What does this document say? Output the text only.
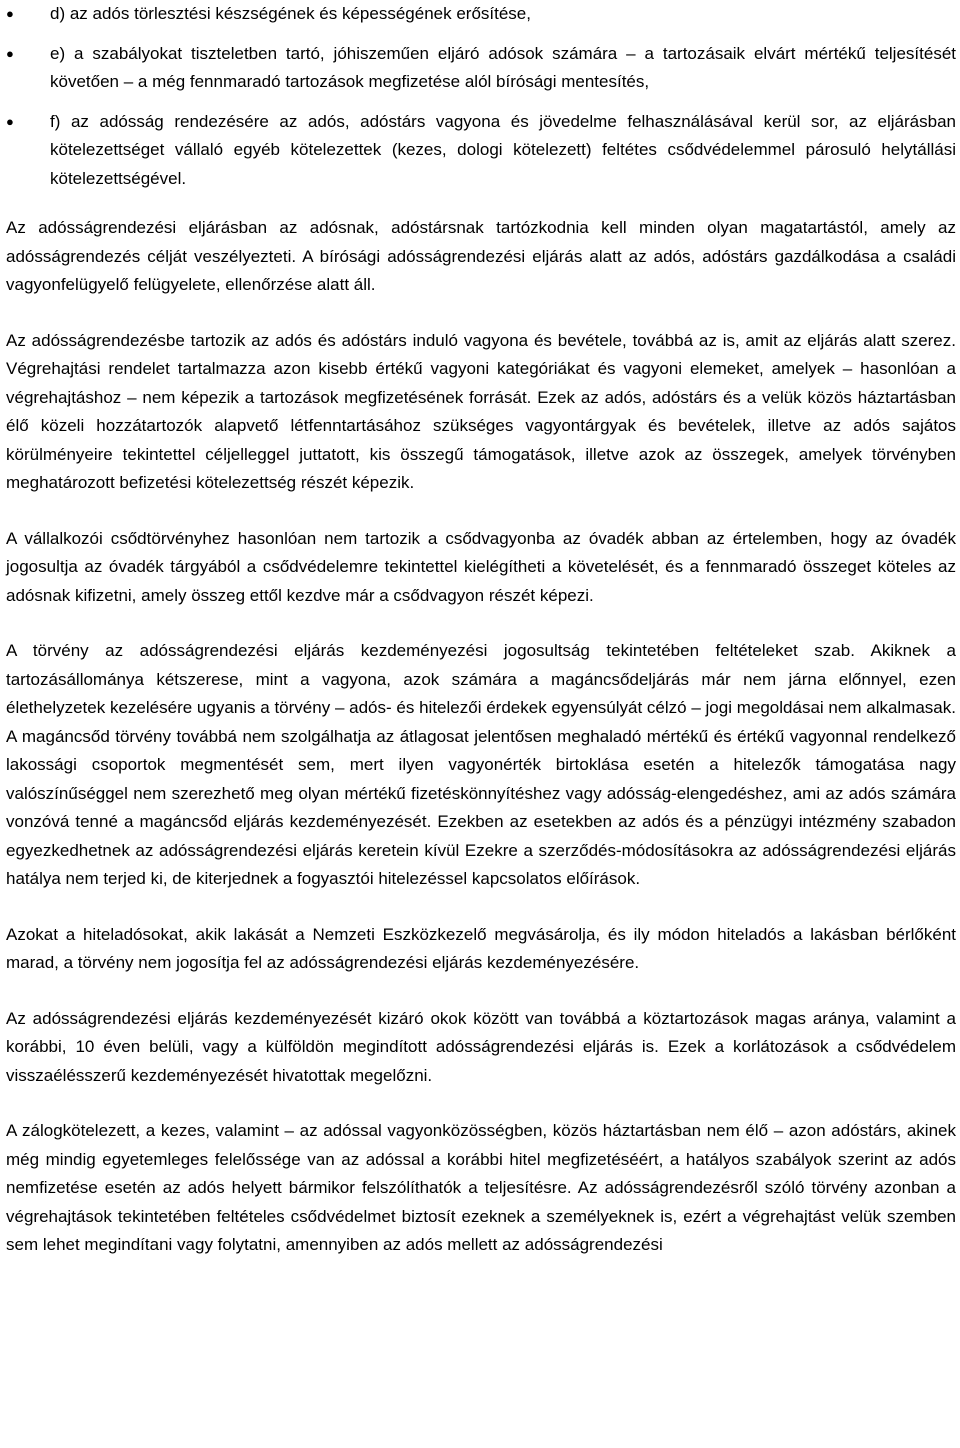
●	d) az adós törlesztési készségének és képességének erősítése,
●	e) a szabályokat tiszteletben tartó, jóhiszeműen eljáró adósok számára – a tartozásaik elvárt mértékű teljesítését követően – a még fennmaradó tartozások megfizetése alól bírósági mentesítés,
●	f) az adósság rendezésére az adós, adóstárs vagyona és jövedelme felhasználásával kerül sor, az eljárásban kötelezettséget vállaló egyéb kötelezettek (kezes, dologi kötelezett) feltétes csődvédelemmel párosuló helytállási kötelezettségével.

Az adósságrendezési eljárásban az adósnak, adóstársnak tartózkodnia kell minden olyan magatartástól, amely az adósságrendezés célját veszélyezteti. A bírósági adósságrendezési eljárás alatt az adós, adóstárs gazdálkodása a családi vagyonfelügyelő felügyelete, ellenőrzése alatt áll.

Az adósságrendezésbe tartozik az adós és adóstárs induló vagyona és bevétele, továbbá az is, amit az eljárás alatt szerez. Végrehajtási rendelet tartalmazza azon kisebb értékű vagyoni kategóriákat és vagyoni elemeket, amelyek – hasonlóan a végrehajtáshoz – nem képezik a tartozások megfizetésének forrását. Ezek az adós, adóstárs és a velük közös háztartásban élő közeli hozzátartozók alapvető létfenntartásához szükséges vagyontárgyak és bevételek, illetve az adós sajátos körülményeire tekintettel céljelleggel juttatott, kis összegű támogatások, illetve azok az összegek, amelyek törvényben meghatározott befizetési kötelezettség részét képezik.

A vállalkozói csődtörvényhez hasonlóan nem tartozik a csődvagyonba az óvadék abban az értelemben, hogy az óvadék jogosultja az óvadék tárgyából a csődvédelemre tekintettel kielégítheti a követelését, és a fennmaradó összeget köteles az adósnak kifizetni, amely összeg ettől kezdve már a csődvagyon részét képezi.

A törvény az adósságrendezési eljárás kezdeményezési jogosultság tekintetében feltételeket szab. Akiknek a tartozásállománya kétszerese, mint a vagyona, azok számára a magáncsődeljárás már nem járna előnnyel, ezen élethelyzetek kezelésére ugyanis a törvény – adós- és hitelezői érdekek egyensúlyát célzó – jogi megoldásai nem alkalmasak. A magáncsőd törvény továbbá nem szolgálhatja az átlagosat jelentősen meghaladó mértékű és értékű vagyonnal rendelkező lakossági csoportok megmentését sem, mert ilyen vagyonérték birtoklása esetén a hitelezők támogatása nagy valószínűséggel nem szerezhető meg olyan mértékű fizetéskönnyítéshez vagy adósság-elengedéshez, ami az adós számára vonzóvá tenné a magáncsőd eljárás kezdeményezését. Ezekben az esetekben az adós és a pénzügyi intézmény szabadon egyezkedhetnek az adósságrendezési eljárás keretein kívül Ezekre a szerződés-módosításokra az adósságrendezési eljárás hatálya nem terjed ki, de kiterjednek a fogyasztói hitelezéssel kapcsolatos előírások.

Azokat a hiteladósokat, akik lakását a Nemzeti Eszközkezelő megvásárolja, és ily módon hiteladós a lakásban bérlőként marad, a törvény nem jogosítja fel az adósságrendezési eljárás kezdeményezésére.

Az adósságrendezési eljárás kezdeményezését kizáró okok között van továbbá a köztartozások magas aránya, valamint a korábbi, 10 éven belüli, vagy a külföldön megindított adósságrendezési eljárás is. Ezek a korlátozások a csődvédelem visszaélésszerű kezdeményezését hivatottak megelőzni.

A zálogkötelezett, a kezes, valamint – az adóssal vagyonközösségben, közös háztartásban nem élő – azon adóstárs, akinek még mindig egyetemleges felelőssége van az adóssal a korábbi hitel megfizetéséért, a hatályos szabályok szerint az adós nemfizetése esetén az adós helyett bármikor felszólíthatók a teljesítésre. Az adósságrendezésről szóló törvény azonban a végrehajtások tekintetében feltételes csődvédelmet biztosít ezeknek a személyeknek is, ezért a végrehajtást velük szemben sem lehet megindítani vagy folytatni, amennyiben az adós mellett az adósságrendezési
